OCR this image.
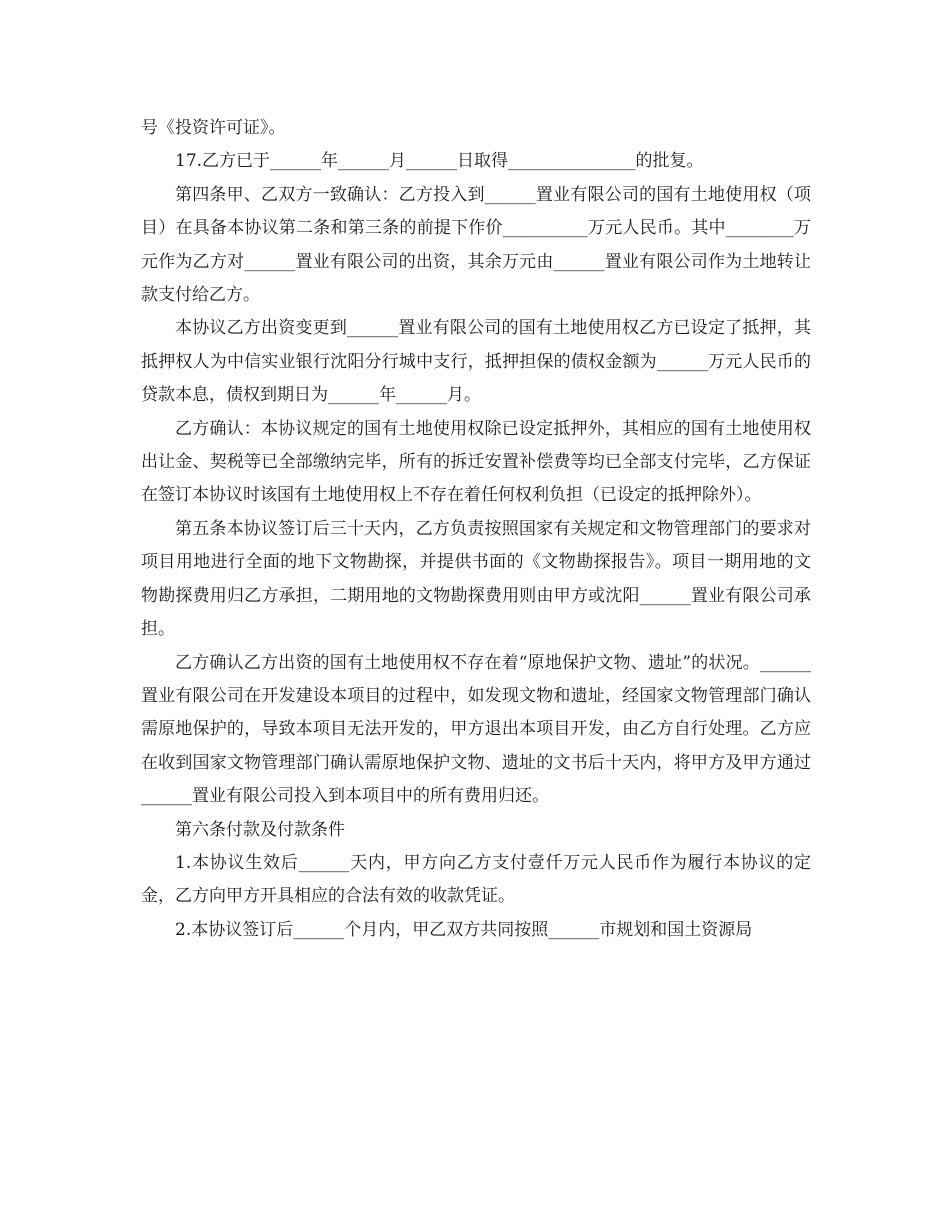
号《投资许可证》。

17.乙方已于______年______月______日取得_______________的批复。

第四条甲、乙双方一致确认：乙方投入到______置业有限公司的国有土地使用权（项目）在具备本协议第二条和第三条的前提下作价__________万元人民币。其中________万元作为乙方对______置业有限公司的出资，其余万元由______置业有限公司作为土地转让款支付给乙方。

本协议乙方出资变更到______置业有限公司的国有土地使用权乙方已设定了抵押，其抵押权人为中信实业银行沈阳分行城中支行，抵押担保的债权金额为______万元人民币的贷款本息，债权到期日为______年______月。

乙方确认：本协议规定的国有土地使用权除已设定抵押外，其相应的国有土地使用权出让金、契税等已全部缴纳完毕，所有的拆迁安置补偿费等均已全部支付完毕，乙方保证在签订本协议时该国有土地使用权上不存在着任何权利负担（已设定的抵押除外）。

第五条本协议签订后三十天内，乙方负责按照国家有关规定和文物管理部门的要求对项目用地进行全面的地下文物勘探，并提供书面的《文物勘探报告》。项目一期用地的文物勘探费用归乙方承担，二期用地的文物勘探费用则由甲方或沈阳______置业有限公司承担。

乙方确认乙方出资的国有土地使用权不存在着“原地保护文物、遗址”的状况。______置业有限公司在开发建设本项目的过程中，如发现文物和遗址，经国家文物管理部门确认需原地保护的，导致本项目无法开发的，甲方退出本项目开发，由乙方自行处理。乙方应在收到国家文物管理部门确认需原地保护文物、遗址的文书后十天内，将甲方及甲方通过______置业有限公司投入到本项目中的所有费用归还。

第六条付款及付款条件

1.本协议生效后______天内，甲方向乙方支付壹仟万元人民币作为履行本协议的定金，乙方向甲方开具相应的合法有效的收款凭证。

2.本协议签订后______个月内，甲乙双方共同按照______市规划和国土资源局
